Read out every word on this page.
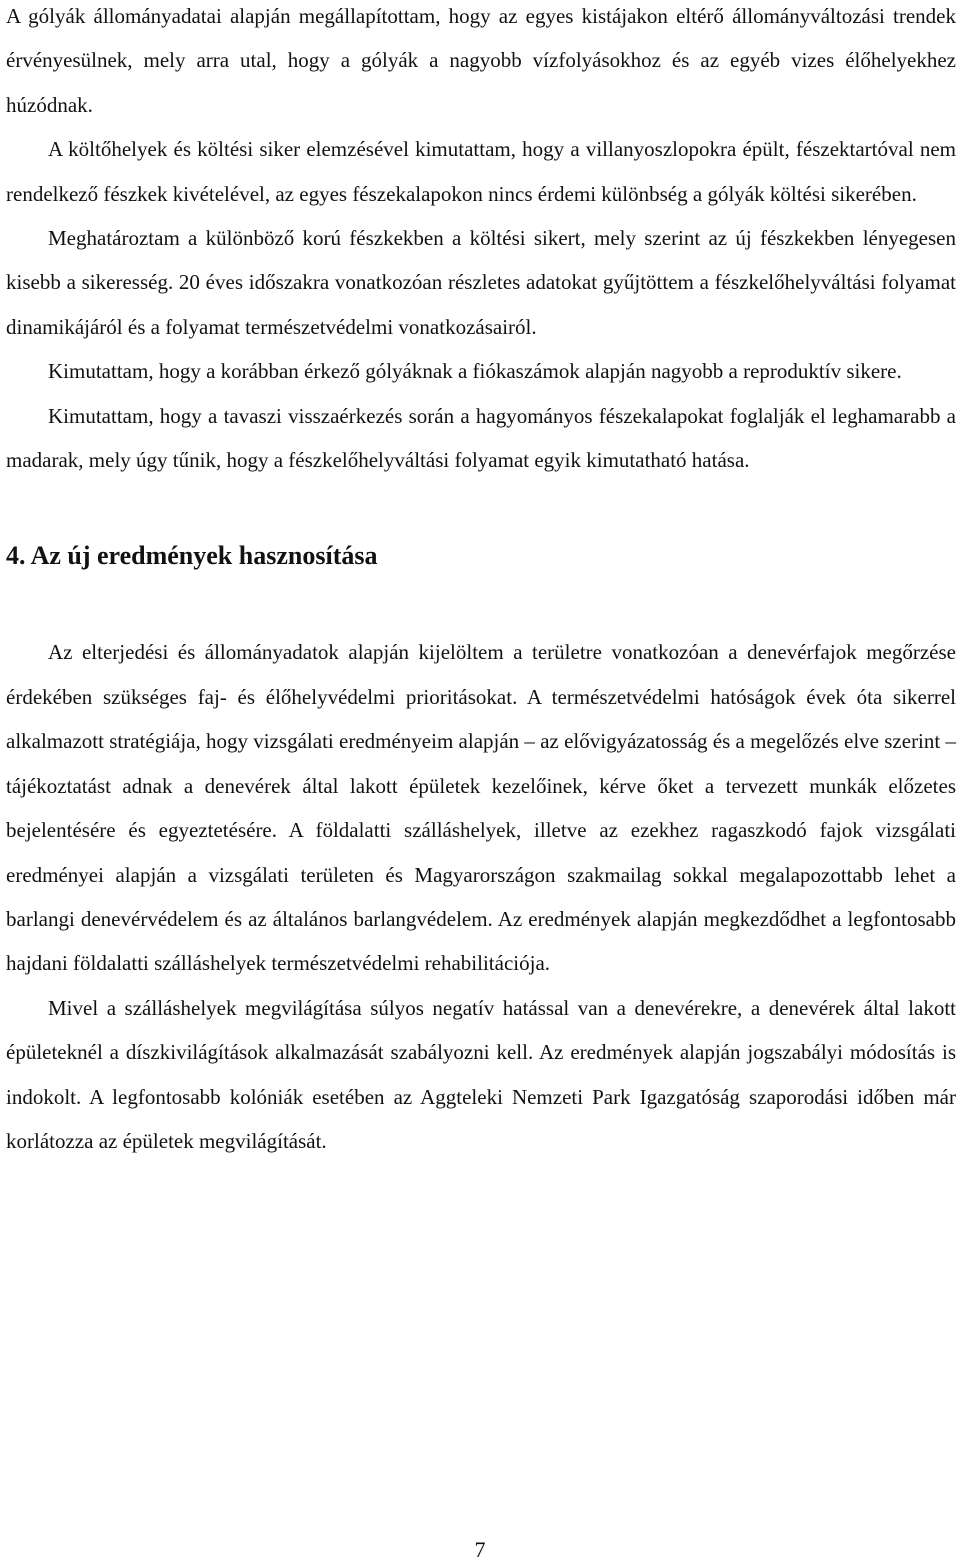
A gólyák állományadatai alapján megállapítottam, hogy az egyes kistájakon eltérő állományváltozási trendek érvényesülnek, mely arra utal, hogy a gólyák a nagyobb vízfolyásokhoz és az egyéb vizes élőhelyekhez húzódnak.

A költőhelyek és költési siker elemzésével kimutattam, hogy a villanyoszlopokra épült, fészektartóval nem rendelkező fészkek kivételével, az egyes fészekalapokon nincs érdemi különbség a gólyák költési sikerében.

Meghatároztam a különböző korú fészkekben a költési sikert, mely szerint az új fészkekben lényegesen kisebb a sikeresség. 20 éves időszakra vonatkozóan részletes adatokat gyűjtöttem a fészkelőhelyváltási folyamat dinamikájáról és a folyamat természetvédelmi vonatkozásairól.

Kimutattam, hogy a korábban érkező gólyáknak a fiókaszámok alapján nagyobb a reproduktív sikere.

Kimutattam, hogy a tavaszi visszaérkezés során a hagyományos fészekalapokat foglalják el leghamarabb a madarak, mely úgy tűnik, hogy a fészkelőhelyváltási folyamat egyik kimutatható hatása.

4. Az új eredmények hasznosítása

Az elterjedési és állományadatok alapján kijelöltem a területre vonatkozóan a denevérfajok megőrzése érdekében szükséges faj- és élőhelyvédelmi prioritásokat. A természetvédelmi hatóságok évek óta sikerrel alkalmazott stratégiája, hogy vizsgálati eredményeim alapján – az elővigyázatosság és a megelőzés elve szerint – tájékoztatást adnak a denevérek által lakott épületek kezelőinek, kérve őket a tervezett munkák előzetes bejelentésére és egyeztetésére. A földalatti szálláshelyek, illetve az ezekhez ragaszkodó fajok vizsgálati eredményei alapján a vizsgálati területen és Magyarországon szakmailag sokkal megalapozottabb lehet a barlangi denevérvédelem és az általános barlangvédelem. Az eredmények alapján megkezdődhet a legfontosabb hajdani földalatti szálláshelyek természetvédelmi rehabilitációja.

Mivel a szálláshelyek megvilágítása súlyos negatív hatással van a denevérekre, a denevérek által lakott épületeknél a díszkivilágítások alkalmazását szabályozni kell. Az eredmények alapján jogszabályi módosítás is indokolt. A legfontosabb kolóniák esetében az Aggteleki Nemzeti Park Igazgatóság szaporodási időben már korlátozza az épületek megvilágítását.

7
